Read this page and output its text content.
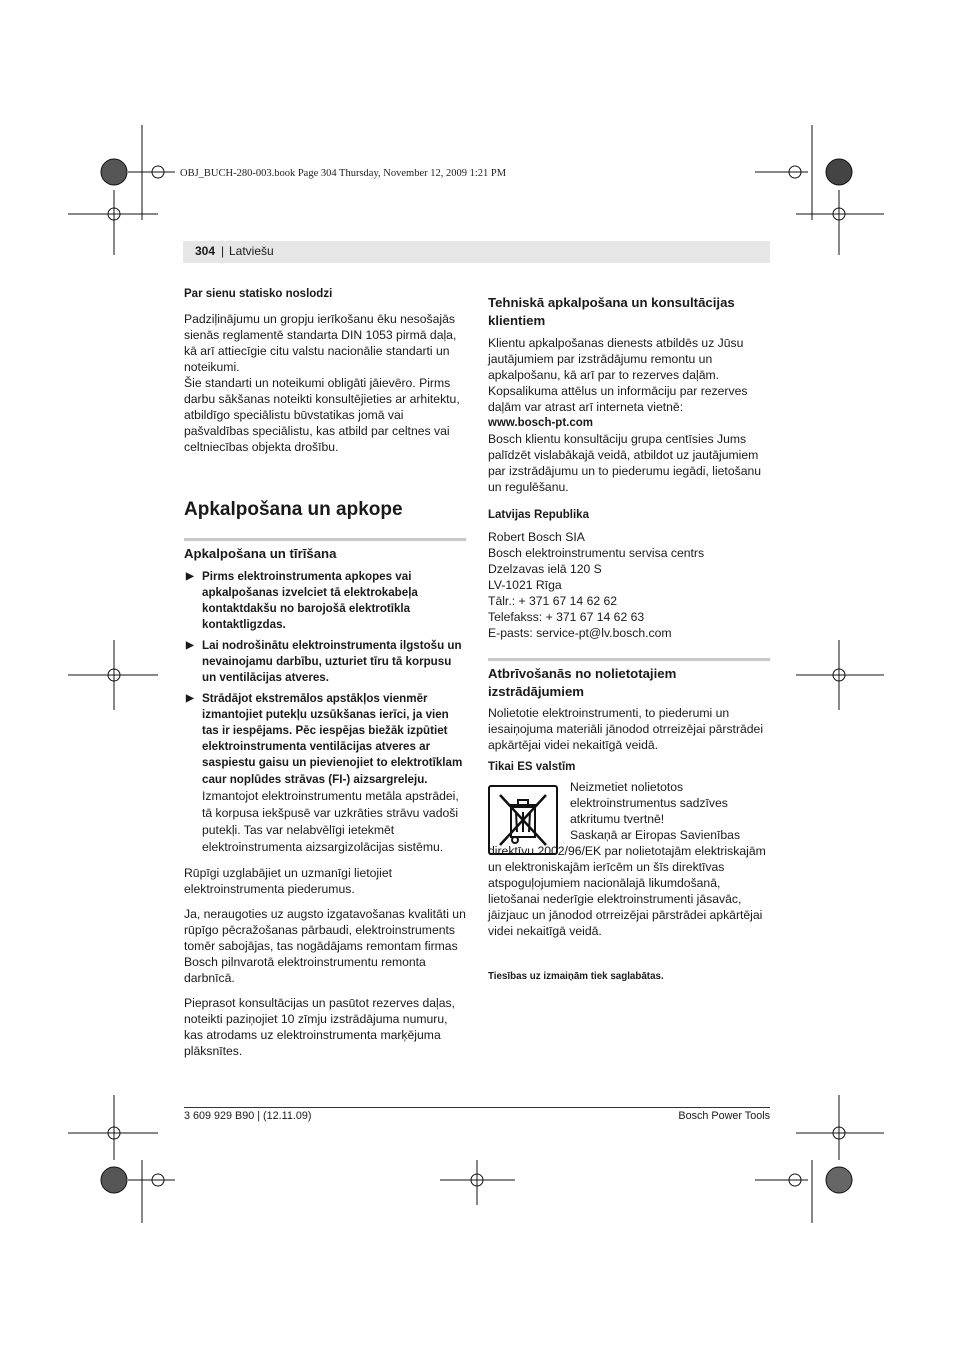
OBJ_BUCH-280-003.book Page 304 Thursday, November 12, 2009 1:21 PM
304 | Latviešu

Par sienu statisko noslodzi

Padziļinājumu un gropju ierīkošanu ēku nesošajās sienās reglamentē standarta DIN 1053 pirmā daļa, kā arī attiecīgie citu valstu nacionālie standarti un noteikumi.

Šie standarti un noteikumi obligāti jāievēro. Pirms darbu sākšanas noteikti konsultējieties ar arhitektu, atbildīgo speciālistu būvstatikas jomā vai pašvaldības speciālistu, kas atbild par celtnes vai celtniecības objekta drošību.

Apkalpošana un apkope

Apkalpošana un tīrīšana

▶ Pirms elektroinstrumenta apkopes vai apkalpošanas izvelciet tā elektrokabeļa kontaktdakšu no barojošā elektrotīkla kontaktligzdas.
▶ Lai nodrošinātu elektroinstrumenta ilgstošu un nevainojamu darbību, uzturiet tīru tā korpusu un ventilācijas atveres.
▶ Strādājot ekstremālos apstākļos vienmēr izmantojiet putekļu uzsūkšanas ierīci, ja vien tas ir iespējams. Pēc iespējas biežāk izpūtiet elektroinstrumenta ventilācijas atveres ar saspiestu gaisu un pievienojiet to elektrotīklam caur noplūdes strāvas (FI-) aizsargreleju. Izmantojot elektroinstrumentu metāla apstrādei, tā korpusa iekšpusē var uzkrāties strāvu vadoši putekļi. Tas var nelabvēlīgi ietekmēt elektroinstrumenta aizsargizolācijas sistēmu.

Rūpīgi uzglabājiet un uzmanīgi lietojiet elektroinstrumenta piederumus.

Ja, neraugoties uz augsto izgatavošanas kvalitāti un rūpīgo pēcražošanas pārbaudi, elektroinstruments tomēr sabojājas, tas nogādājams remontam firmas Bosch pilnvarotā elektroinstrumentu remonta darbnīcā.

Pieprasot konsultācijas un pasūtot rezerves daļas, noteikti paziņojiet 10 zīmju izstrādājuma numuru, kas atrodams uz elektroinstrumenta marķējuma plāksnītes.

Tehniskā apkalpošana un konsultācijas klientiem

Klientu apkalpošanas dienests atbildēs uz Jūsu jautājumiem par izstrādājumu remontu un apkalpošanu, kā arī par to rezerves daļām. Kopsalikuma attēlus un informāciju par rezerves daļām var atrast arī interneta vietnē:

www.bosch-pt.com

Bosch klientu konsultāciju grupa centīsies Jums palīdzēt vislabākajā veidā, atbildot uz jautājumiem par izstrādājumu un to piederumu iegādi, lietošanu un regulēšanu.

Latvijas Republika

Robert Bosch SIA

Bosch elektroinstrumentu servisa centrs

Dzelzavas ielā 120 S

LV-1021 Rīga

Tālr.: + 371 67 14 62 62

Telefakss: + 371 67 14 62 63

E-pasts: service-pt@lv.bosch.com

Atbrīvošanās no nolietotajiem izstrādājumiem

Nolietotie elektroinstrumenti, to piederumi un iesaiņojuma materiāli jānodod otrreizējai pārstrādei apkārtējai videi nekaitīgā veidā.

Tikai ES valstīm

Neizmetiet nolietotos elektroinstrumentus sadzīves atkritumu tvertnē!

Saskaņā ar Eiropas Savienības direktīvu 2002/96/EK par nolietotajām elektriskajām un elektroniskajām ierīcēm un šīs direktīvas atspoguļojumiem nacionālajā likumdošanā, lietošanai nederīgie elektroinstrumenti jāsavāc, jāizjauc un jānodod otrreizējai pārstrādei apkārtējai videi nekaitīgā veidā.

Tiesības uz izmaiņām tiek saglabātas.

3 609 929 B90 | (12.11.09)	Bosch Power Tools
